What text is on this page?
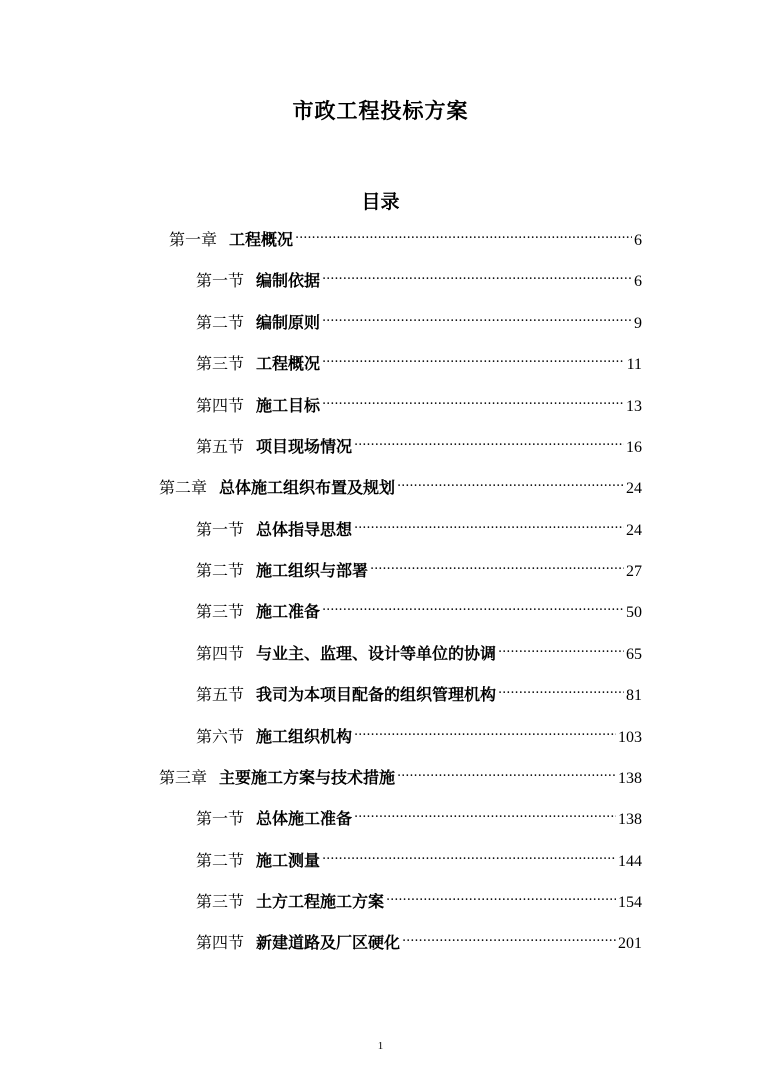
市政工程投标方案
目录
第一章 工程概况 .....	6
第一节 编制依据 .....	6
第二节 编制原则 .....	9
第三节 工程概况 .....	11
第四节 施工目标 .....	13
第五节 项目现场情况 .....	16
第二章 总体施工组织布置及规划 .....	24
第一节 总体指导思想 .....	24
第二节 施工组织与部署 .....	27
第三节 施工准备 .....	50
第四节 与业主、监理、设计等单位的协调 .....	65
第五节 我司为本项目配备的组织管理机构 .....	81
第六节 施工组织机构 .....	103
第三章 主要施工方案与技术措施 .....	138
第一节 总体施工准备 .....	138
第二节 施工测量 .....	144
第三节 土方工程施工方案 .....	154
第四节 新建道路及厂区硬化 .....	201
1
